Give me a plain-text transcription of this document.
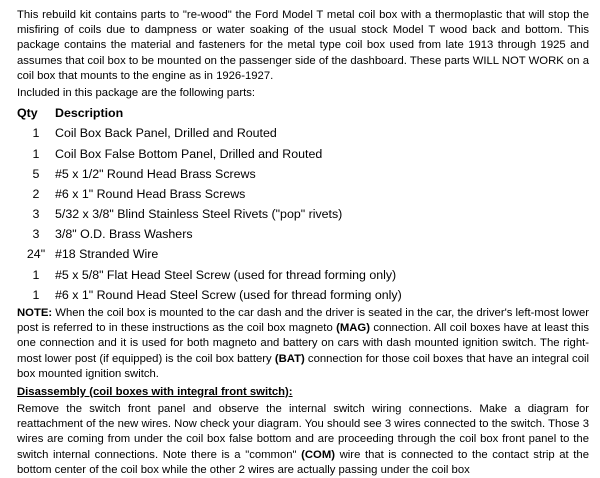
This rebuild kit contains parts to "re-wood" the Ford Model T metal coil box with a thermoplastic that will stop the misfiring of coils due to dampness or water soaking of the usual stock Model T wood back and bottom. This package contains the material and fasteners for the metal type coil box used from late 1913 through 1925 and assumes that coil box to be mounted on the passenger side of the dashboard. These parts WILL NOT WORK on a coil box that mounts to the engine as in 1926-1927.

Included in this package are the following parts:

Qty	Description
1	Coil Box Back Panel, Drilled and Routed
1	Coil Box False Bottom Panel, Drilled and Routed
5	#5 x 1/2" Round Head Brass Screws
2	#6 x 1" Round Head Brass Screws
3	5/32 x 3/8" Blind Stainless Steel Rivets ("pop" rivets)
3	3/8" O.D. Brass Washers
24" #18 Stranded Wire
1	#5 x 5/8" Flat Head Steel Screw (used for thread forming only)
1	#6 x 1" Round Head Steel Screw (used for thread forming only)

NOTE: When the coil box is mounted to the car dash and the driver is seated in the car, the driver's left-most lower post is referred to in these instructions as the coil box magneto (MAG) connection. All coil boxes have at least this one connection and it is used for both magneto and battery on cars with dash mounted ignition switch. The right-most lower post (if equipped) is the coil box battery (BAT) connection for those coil boxes that have an integral coil box mounted ignition switch.

Disassembly (coil boxes with integral front switch):

Remove the switch front panel and observe the internal switch wiring connections. Make a diagram for reattachment of the new wires. Now check your diagram. You should see 3 wires connected to the switch. Those 3 wires are coming from under the coil box false bottom and are proceeding through the coil box front panel to the switch internal connections. Note there is a "common" (COM) wire that is connected to the contact strip at the bottom center of the coil box while the other 2 wires are actually passing under the coil box
